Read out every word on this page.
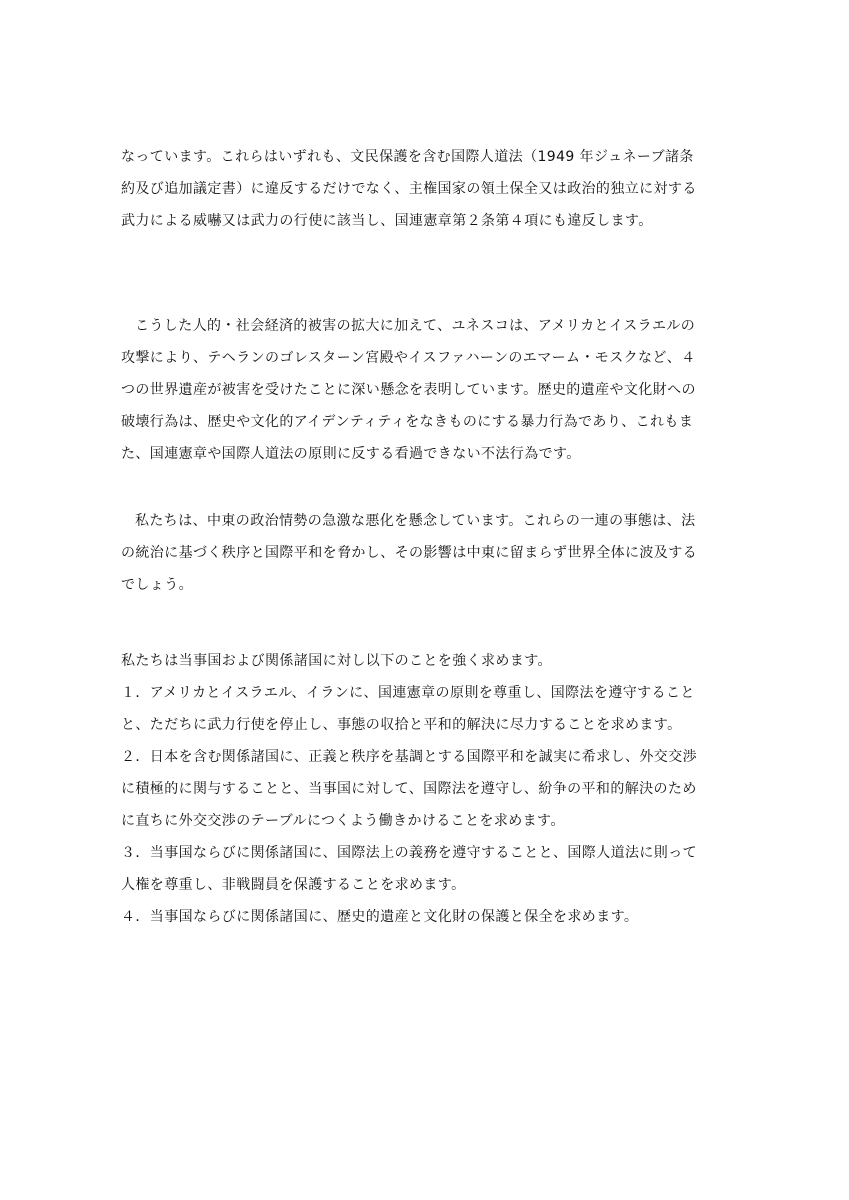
なっています。これらはいずれも、文民保護を含む国際人道法（1949 年ジュネーブ諸条
約及び追加議定書）に違反するだけでなく、主権国家の領土保全又は政治的独立に対する
武力による威嚇又は武力の行使に該当し、国連憲章第２条第４項にも違反します。
こうした人的・社会経済的被害の拡大に加えて、ユネスコは、アメリカとイスラエルの
攻撃により、テヘランのゴレスターン宮殿やイスファハーンのエマーム・モスクなど、４
つの世界遺産が被害を受けたことに深い懸念を表明しています。歴史的遺産や文化財への
破壊行為は、歴史や文化的アイデンティティをなきものにする暴力行為であり、これもま
た、国連憲章や国際人道法の原則に反する看過できない不法行為です。
私たちは、中東の政治情勢の急激な悪化を懸念しています。これらの一連の事態は、法
の統治に基づく秩序と国際平和を脅かし、その影響は中東に留まらず世界全体に波及する
でしょう。
私たちは当事国および関係諸国に対し以下のことを強く求めます。
１．アメリカとイスラエル、イランに、国連憲章の原則を尊重し、国際法を遵守すること
と、ただちに武力行使を停止し、事態の収拾と平和的解決に尽力することを求めます。
２．日本を含む関係諸国に、正義と秩序を基調とする国際平和を誠実に希求し、外交交渉
に積極的に関与することと、当事国に対して、国際法を遵守し、紛争の平和的解決のため
に直ちに外交交渉のテーブルにつくよう働きかけることを求めます。
３．当事国ならびに関係諸国に、国際法上の義務を遵守することと、国際人道法に則って
人権を尊重し、非戦闘員を保護することを求めます。
４．当事国ならびに関係諸国に、歴史的遺産と文化財の保護と保全を求めます。
